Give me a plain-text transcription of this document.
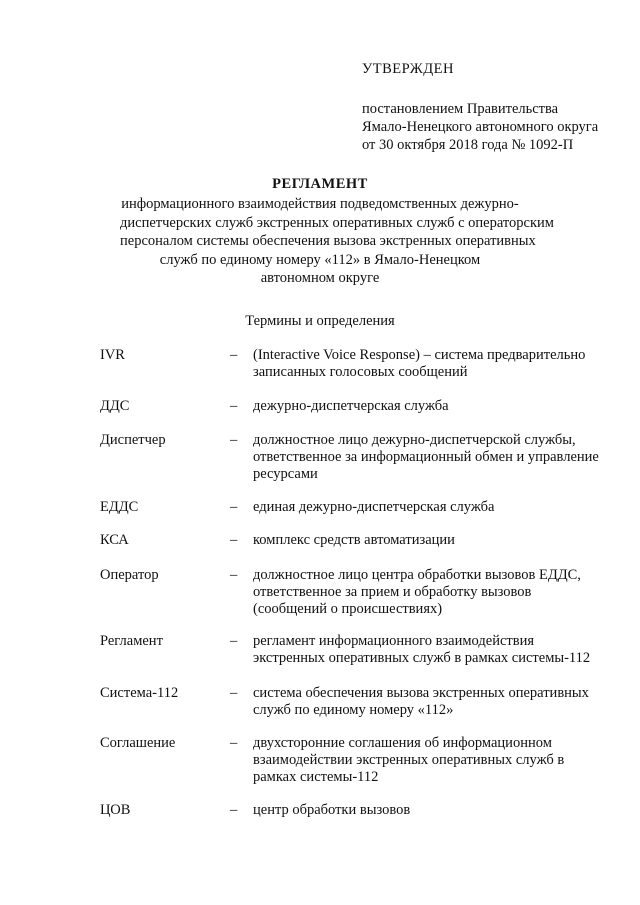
УТВЕРЖДЕН
постановлением Правительства
Ямало-Ненецкого автономного округа
от 30 октября 2018 года № 1092-П
РЕГЛАМЕНТ
информационного взаимодействия подведомственных дежурно-
диспетчерских служб экстренных оперативных служб с операторским
персоналом системы обеспечения вызова экстренных оперативных
служб по единому номеру «112» в Ямало-Ненецком
автономном округе
Термины и определения
IVR	– (Interactive Voice Response) – система предварительно
записанных голосовых сообщений
ДДС	– дежурно-диспетчерская служба
Диспетчер	– должностное лицо дежурно-диспетчерской службы,
ответственное за информационный обмен и управление
ресурсами
ЕДДС	– единая дежурно-диспетчерская служба
КСА	– комплекс средств автоматизации
Оператор	– должностное лицо центра обработки вызовов ЕДДС,
ответственное за прием и обработку вызовов
(сообщений о происшествиях)
Регламент	– регламент информационного взаимодействия
экстренных оперативных служб в рамках системы-112
Система-112	– система обеспечения вызова экстренных оперативных
служб по единому номеру «112»
Соглашение	– двухсторонние соглашения об информационном
взаимодействии экстренных оперативных служб в
рамках системы-112
ЦОВ	– центр обработки вызовов
